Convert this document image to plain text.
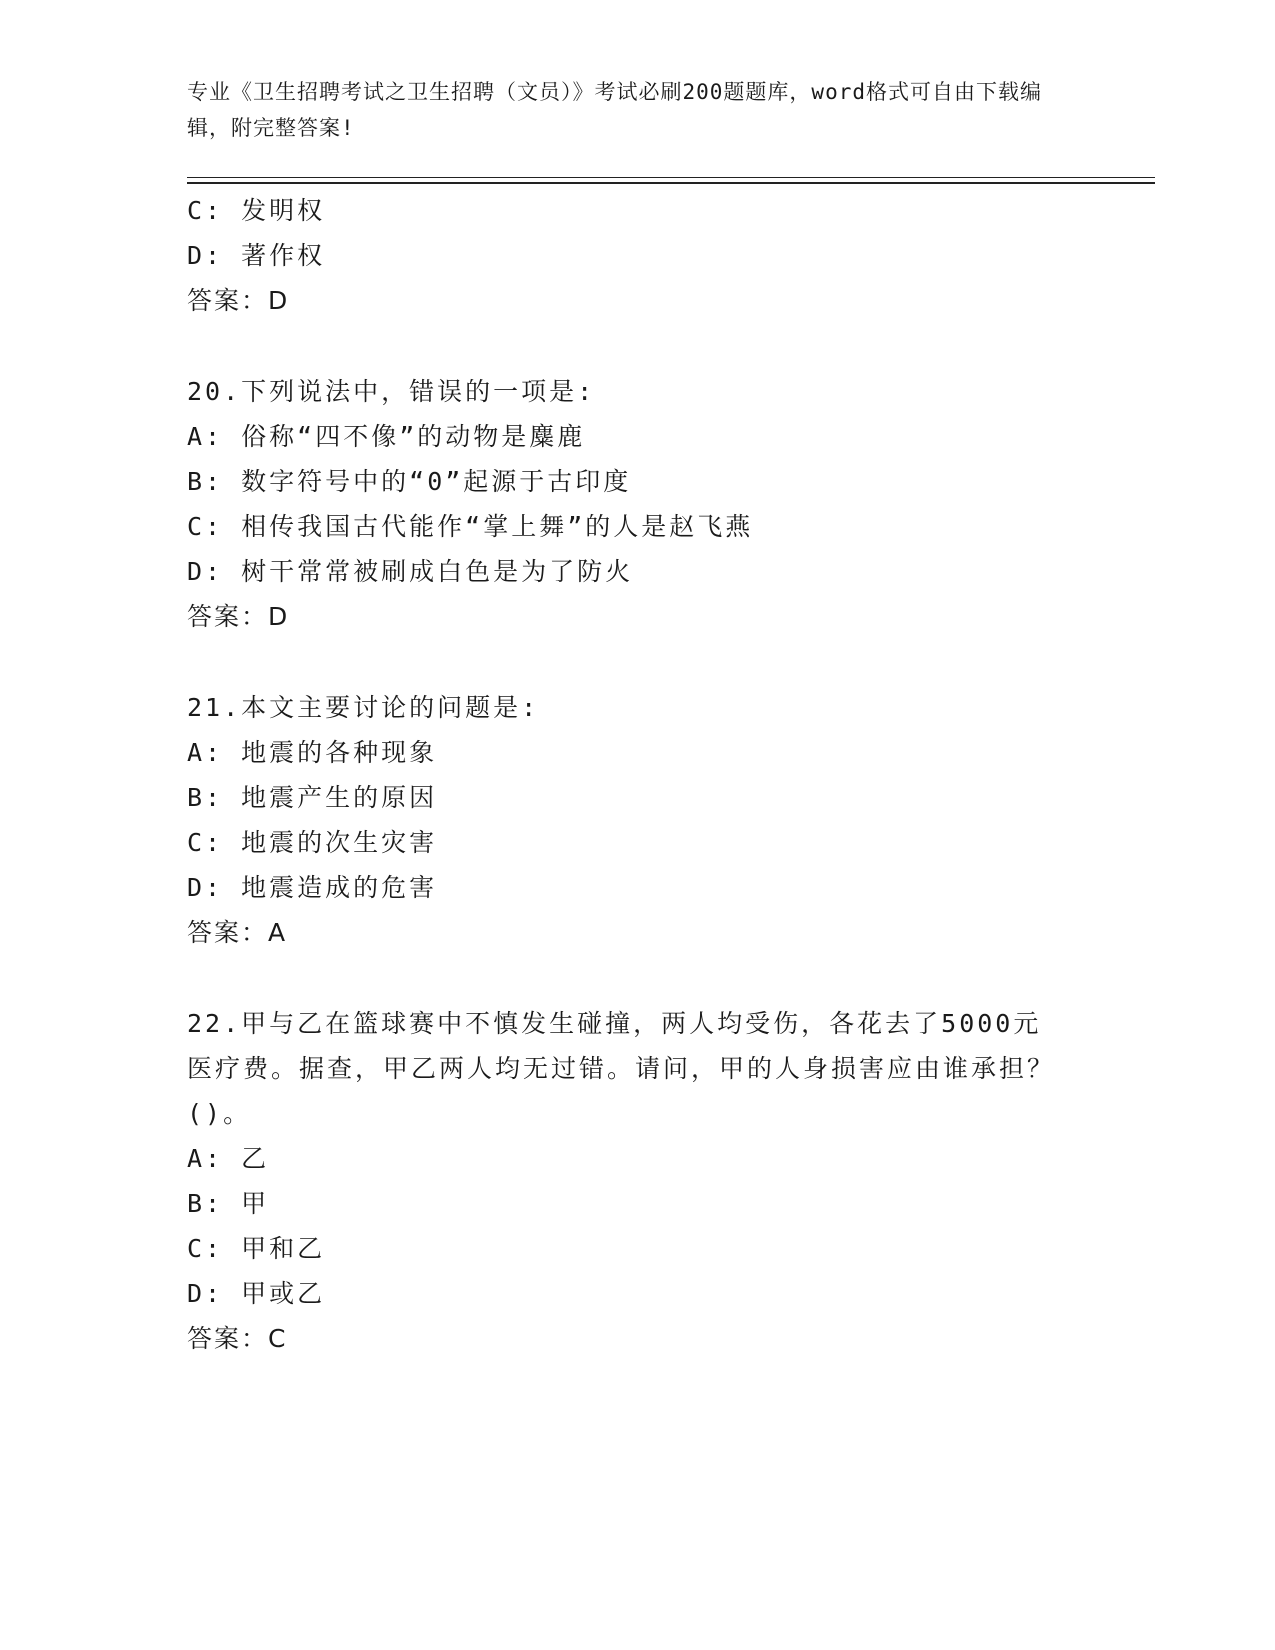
专业《卫生招聘考试之卫生招聘（文员）》考试必刷200题题库，word格式可自由下载编辑，附完整答案!
C: 发明权
D: 著作权
答案：D
20.下列说法中，错误的一项是:
A: 俗称“四不像”的动物是麋鹿
B: 数字符号中的“0”起源于古印度
C: 相传我国古代能作“掌上舞”的人是赵飞燕
D: 树干常常被刷成白色是为了防火
答案：D
21.本文主要讨论的问题是:
A: 地震的各种现象
B: 地震产生的原因
C: 地震的次生灾害
D: 地震造成的危害
答案：A
22.甲与乙在篮球赛中不慎发生碰撞，两人均受伤，各花去了5000元医疗费。据查，甲乙两人均无过错。请问，甲的人身损害应由谁承担？()。
A: 乙
B: 甲
C: 甲和乙
D: 甲或乙
答案：C
